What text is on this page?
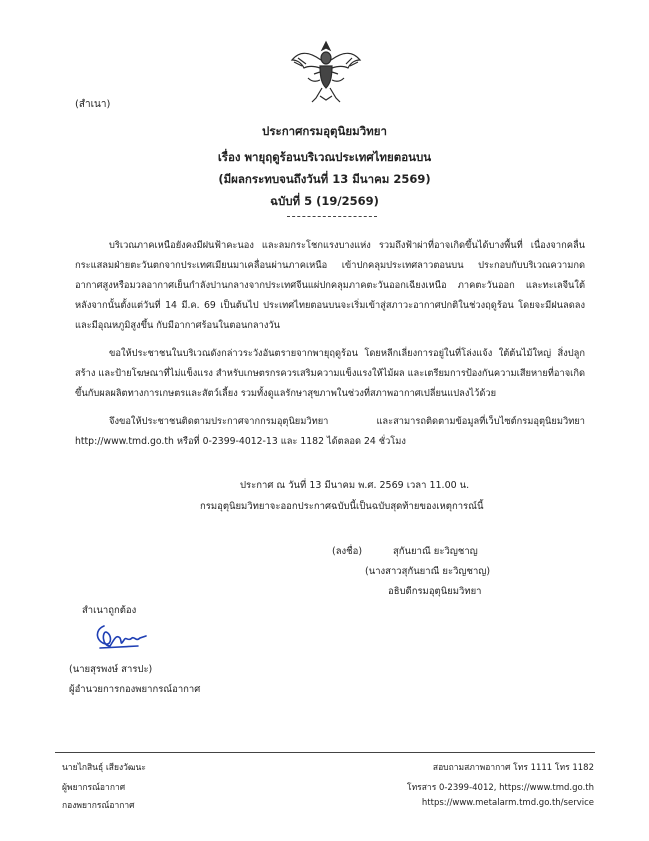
(สำเนา)

ประกาศกรมอุตุนิยมวิทยา

เรื่อง พายุฤดูร้อนบริเวณประเทศไทยตอนบน

(มีผลกระทบจนถึงวันที่ 13 มีนาคม 2569)

ฉบับที่ 5 (19/2569)

บริเวณภาคเหนือยังคงมีฝนฟ้าคะนอง และลมกระโชกแรงบางแห่ง รวมถึงฟ้าผ่าที่อาจเกิดขึ้นได้บางพื้นที่ เนื่องจากคลื่นกระแสลมฝ่ายตะวันตกจากประเทศเมียนมาเคลื่อนผ่านภาคเหนือ เข้าปกคลุมประเทศลาวตอนบน ประกอบกับบริเวณความกดอากาศสูงหรือมวลอากาศเย็นกำลังปานกลางจากประเทศจีนแผ่ปกคลุมภาคตะวันออกเฉียงเหนือ ภาคตะวันออก และทะเลจีนใต้ หลังจากนั้นตั้งแต่วันที่ 14 มี.ค. 69 เป็นต้นไป ประเทศไทยตอนบนจะเริ่มเข้าสู่สภาวะอากาศปกติในช่วงฤดูร้อน โดยจะมีฝนลดลง และมีอุณหภูมิสูงขึ้น กับมีอากาศร้อนในตอนกลางวัน

ขอให้ประชาชนในบริเวณดังกล่าวระวังอันตรายจากพายุฤดูร้อน โดยหลีกเลี่ยงการอยู่ในที่โล่งแจ้ง ใต้ต้นไม้ใหญ่ สิ่งปลูกสร้าง และป้ายโฆษณาที่ไม่แข็งแรง สำหรับเกษตรกรควรเสริมความแข็งแรงให้ไม้ผล และเตรียมการป้องกันความเสียหายที่อาจเกิดขึ้นกับผลผลิตทางการเกษตรและสัตว์เลี้ยง รวมทั้งดูแลรักษาสุขภาพในช่วงที่สภาพอากาศเปลี่ยนแปลงไว้ด้วย

จึงขอให้ประชาชนติดตามประกาศจากกรมอุตุนิยมวิทยา และสามารถติดตามข้อมูลที่เว็บไซต์กรมอุตุนิยมวิทยา http://www.tmd.go.th หรือที่ 0-2399-4012-13 และ 1182 ได้ตลอด 24 ชั่วโมง

ประกาศ ณ วันที่ 13 มีนาคม พ.ศ. 2569 เวลา 11.00 น.

กรมอุตุนิยมวิทยาจะออกประกาศฉบับนี้เป็นฉบับสุดท้ายของเหตุการณ์นี้

(ลงชื่อ)	สุกันยาณี ยะวิญชาญ

(นางสาวสุกันยาณี ยะวิญชาญ)

อธิบดีกรมอุตุนิยมวิทยา

สำเนาถูกต้อง

(นายสุรพงษ์ สารปะ)

ผู้อำนวยการกองพยากรณ์อากาศ

นายไกสินธุ์ เสียงวัฒนะ

ผู้พยากรณ์อากาศ

กองพยากรณ์อากาศ

สอบถามสภาพอากาศ โทร 1111 โทร 1182

โทรสาร 0-2399-4012, https://www.tmd.go.th

https://www.metalarm.tmd.go.th/service
